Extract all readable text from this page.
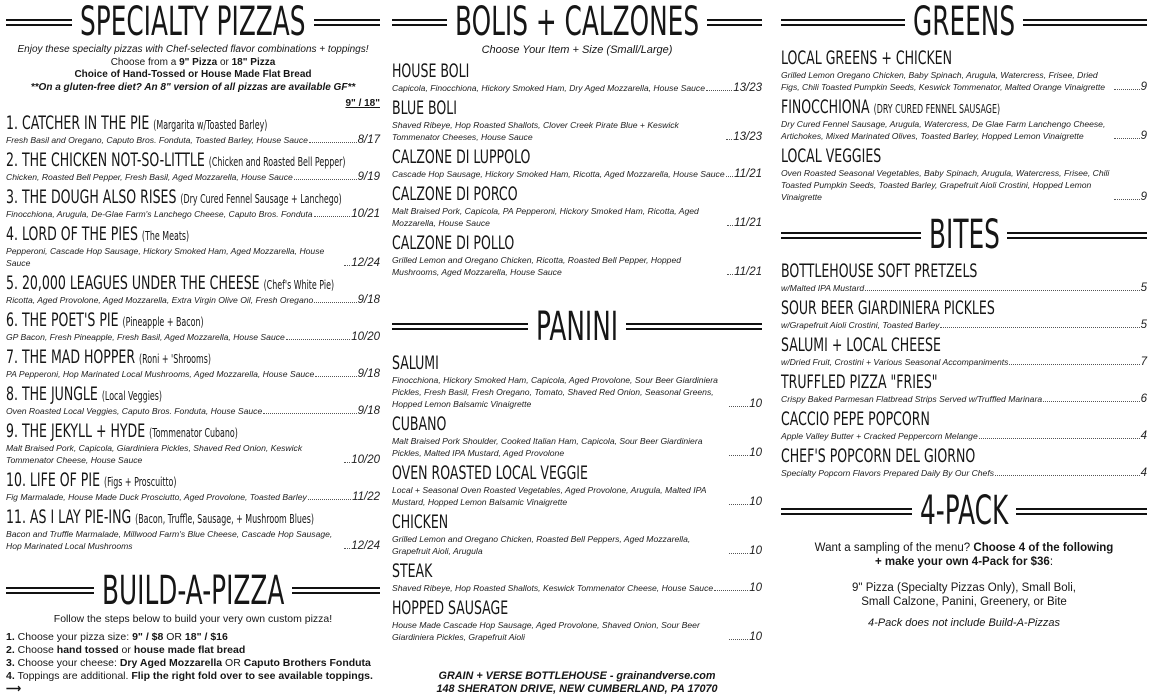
SPECIALTY PIZZAS
Enjoy these specialty pizzas with Chef-selected flavor combinations + toppings!
Choose from a 9" Pizza or 18" Pizza
Choice of Hand-Tossed or House Made Flat Bread
**On a gluten-free diet? An 8" version of all pizzas are available GF**
9" / 18"
1. CATCHER IN THE PIE (Margarita w/Toasted Barley)
Fresh Basil and Oregano, Caputo Bros. Fonduta, Toasted Barley, House Sauce	8/17
2. THE CHICKEN NOT-SO-LITTLE (Chicken and Roasted Bell Pepper)
Chicken, Roasted Bell Pepper, Fresh Basil, Aged Mozzarella, House Sauce	9/19
3. THE DOUGH ALSO RISES (Dry Cured Fennel Sausage + Lanchego)
Finocchiona, Arugula, De-Glae Farm's Lanchego Cheese, Caputo Bros. Fonduta	10/21
4. LORD OF THE PIES (The Meats)
Pepperoni, Cascade Hop Sausage, Hickory Smoked Ham, Aged Mozzarella, House Sauce	12/24
5. 20,000 LEAGUES UNDER THE CHEESE (Chef's White Pie)
Ricotta, Aged Provolone, Aged Mozzarella, Extra Virgin Olive Oil, Fresh Oregano	9/18
6. THE POET'S PIE (Pineapple + Bacon)
GP Bacon, Fresh Pineapple, Fresh Basil, Aged Mozzarella, House Sauce	10/20
7. THE MAD HOPPER (Roni + 'Shrooms)
PA Pepperoni, Hop Marinated Local Mushrooms, Aged Mozzarella, House Sauce	9/18
8. THE JUNGLE (Local Veggies)
Oven Roasted Local Veggies, Caputo Bros. Fonduta, House Sauce	9/18
9. THE JEKYLL + HYDE (Tommenator Cubano)
Malt Braised Pork, Capicola, Giardiniera Pickles, Shaved Red Onion, Keswick Tommenator Cheese, House Sauce	10/20
10. LIFE OF PIE (Figs + Proscuitto)
Fig Marmalade, House Made Duck Prosciutto, Aged Provolone, Toasted Barley	11/22
11. AS I LAY PIE-ING (Bacon, Truffle, Sausage, + Mushroom Blues)
Bacon and Truffle Marmalade, Millwood Farm's Blue Cheese, Cascade Hop Sausage, Hop Marinated Local Mushrooms	12/24
BUILD-A-PIZZA
Follow the steps below to build your very own custom pizza!
1. Choose your pizza size: 9" / $8 OR 18" / $16
2. Choose hand tossed or house made flat bread
3. Choose your cheese: Dry Aged Mozzarella OR Caputo Brothers Fonduta
4. Toppings are additional. Flip the right fold over to see available toppings. ⟶
BOLIS + CALZONES
Choose Your Item + Size (Small/Large)
HOUSE BOLI
Capicola, Finocchiona, Hickory Smoked Ham, Dry Aged Mozzarella, House Sauce 13/23
BLUE BOLI
Shaved Ribeye, Hop Roasted Shallots, Clover Creek Pirate Blue + Keswick Tommenator Cheeses, House Sauce	13/23
CALZONE DI LUPPOLO
Cascade Hop Sausage, Hickory Smoked Ham, Ricotta, Aged Mozzarella, House Sauce 11/21
CALZONE DI PORCO
Malt Braised Pork, Capicola, PA Pepperoni, Hickory Smoked Ham, Ricotta, Aged Mozzarella, House Sauce	11/21
CALZONE DI POLLO
Grilled Lemon and Oregano Chicken, Ricotta, Roasted Bell Pepper, Hopped Mushrooms, Aged Mozzarella, House Sauce	11/21
PANINI
SALUMI
Finocchiona, Hickory Smoked Ham, Capicola, Aged Provolone, Sour Beer Giardiniera Pickles, Fresh Basil, Fresh Oregano, Tomato, Shaved Red Onion, Seasonal Greens, Hopped Lemon Balsamic Vinaigrette	10
CUBANO
Malt Braised Pork Shoulder, Cooked Italian Ham, Capicola, Sour Beer Giardiniera Pickles, Malted IPA Mustard, Aged Provolone	10
OVEN ROASTED LOCAL VEGGIE
Local + Seasonal Oven Roasted Vegetables, Aged Provolone, Arugula, Malted IPA Mustard, Hopped Lemon Balsamic Vinaigrette	10
CHICKEN
Grilled Lemon and Oregano Chicken, Roasted Bell Peppers, Aged Mozzarella, Grapefruit Aioli, Arugula	10
STEAK
Shaved Ribeye, Hop Roasted Shallots, Keswick Tommenator Cheese, House Sauce	10
HOPPED SAUSAGE
House Made Cascade Hop Sausage, Aged Provolone, Shaved Onion, Sour Beer Giardiniera Pickles, Grapefruit Aioli	10
GRAIN + VERSE BOTTLEHOUSE - grainandverse.com
148 SHERATON DRIVE, NEW CUMBERLAND, PA 17070
GREENS
LOCAL GREENS + CHICKEN
Grilled Lemon Oregano Chicken, Baby Spinach, Arugula, Watercress, Frisee, Dried Figs, Chili Toasted Pumpkin Seeds, Keswick Tommenator, Malted Orange Vinaigrette	9
FINOCCHIONA (DRY CURED FENNEL SAUSAGE)
Dry Cured Fennel Sausage, Arugula, Watercress, De Glae Farm Lanchengo Cheese, Artichokes, Mixed Marinated Olives, Toasted Barley, Hopped Lemon Vinaigrette	9
LOCAL VEGGIES
Oven Roasted Seasonal Vegetables, Baby Spinach, Arugula, Watercress, Frisee, Chili Toasted Pumpkin Seeds, Toasted Barley, Grapefruit Aioli Crostini, Hopped Lemon Vinaigrette	9
BITES
BOTTLEHOUSE SOFT PRETZELS
w/Malted IPA Mustard	5
SOUR BEER GIARDINIERA PICKLES
w/Grapefruit Aioli Crostini, Toasted Barley	5
SALUMI + LOCAL CHEESE
w/Dried Fruit, Crostini + Various Seasonal Accompaniments	7
TRUFFLED PIZZA "FRIES"
Crispy Baked Parmesan Flatbread Strips Served w/Truffled Marinara	6
CACCIO PEPE POPCORN
Apple Valley Butter + Cracked Peppercorn Melange	4
CHEF'S POPCORN DEL GIORNO
Specialty Popcorn Flavors Prepared Daily By Our Chefs	4
4-PACK
Want a sampling of the menu? Choose 4 of the following + make your own 4-Pack for $36:
9" Pizza (Specialty Pizzas Only), Small Boli, Small Calzone, Panini, Greenery, or Bite
4-Pack does not include Build-A-Pizzas
